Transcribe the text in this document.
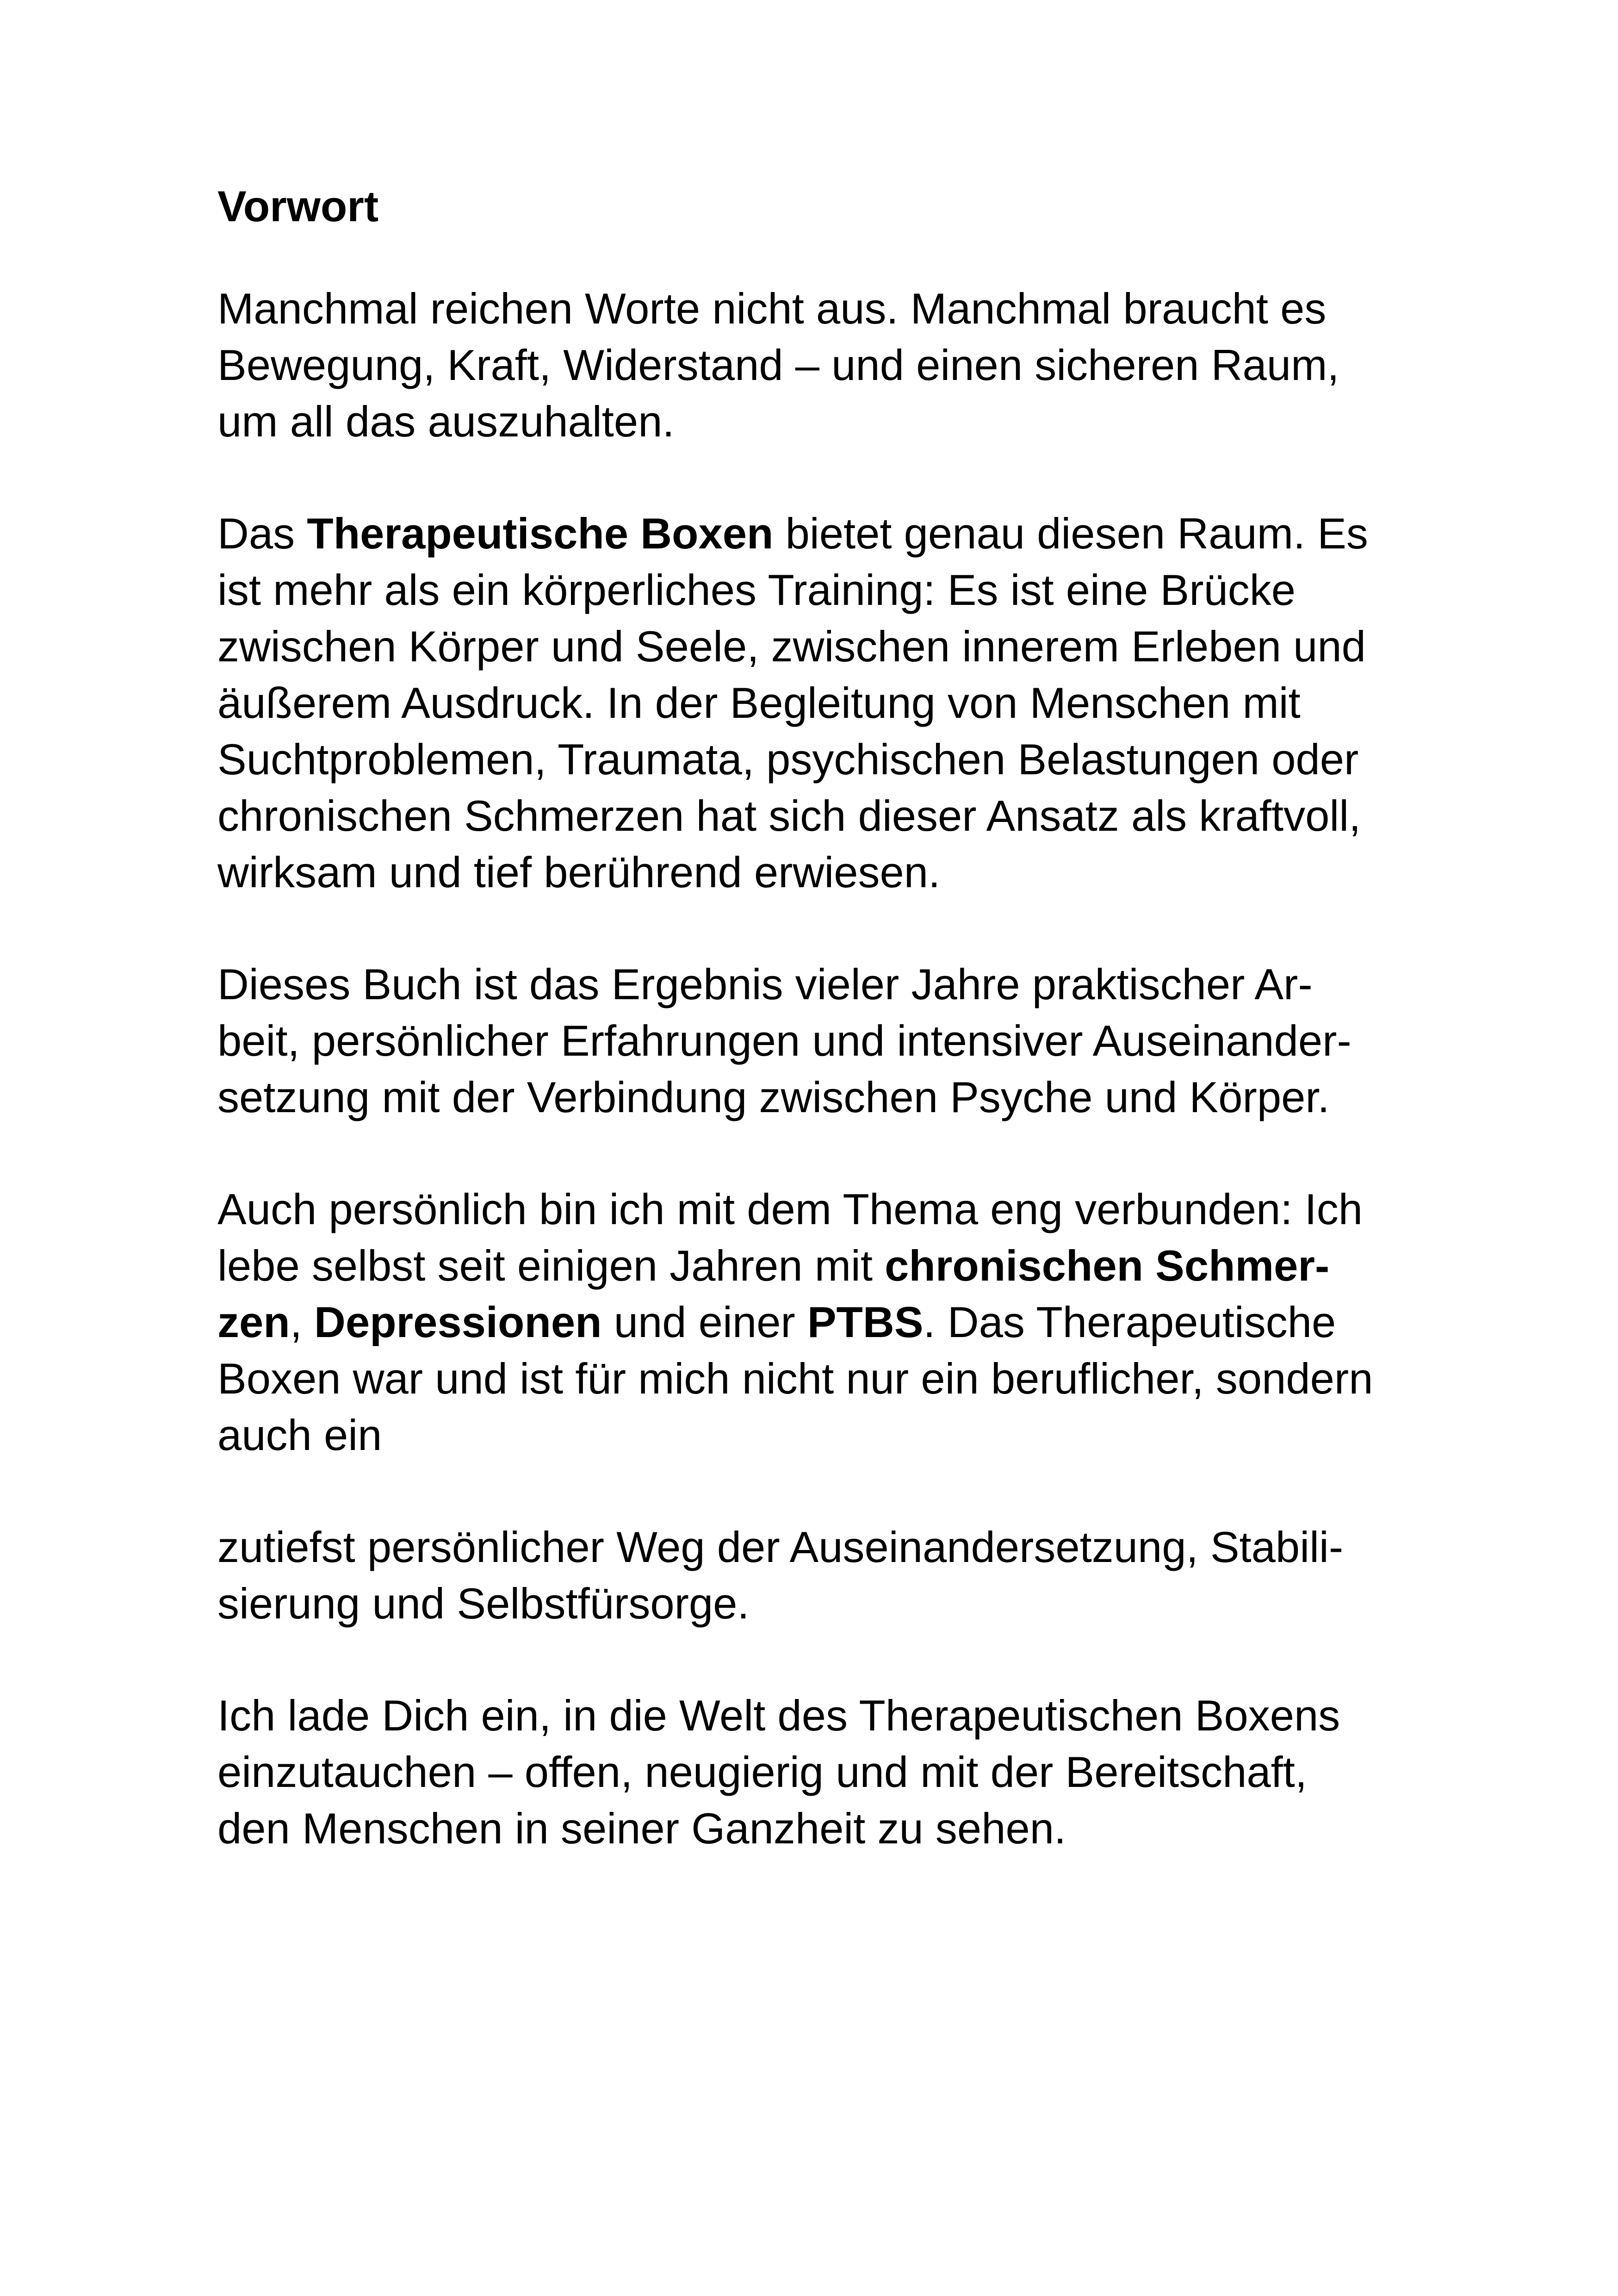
Vorwort
Manchmal reichen Worte nicht aus. Manchmal braucht es
Bewegung, Kraft, Widerstand – und einen sicheren Raum,
um all das auszuhalten.
Das Therapeutische Boxen bietet genau diesen Raum. Es
ist mehr als ein körperliches Training: Es ist eine Brücke
zwischen Körper und Seele, zwischen innerem Erleben und
äußerem Ausdruck. In der Begleitung von Menschen mit
Suchtproblemen, Traumata, psychischen Belastungen oder
chronischen Schmerzen hat sich dieser Ansatz als kraftvoll,
wirksam und tief berührend erwiesen.
Dieses Buch ist das Ergebnis vieler Jahre praktischer Ar-
beit, persönlicher Erfahrungen und intensiver Auseinander-
setzung mit der Verbindung zwischen Psyche und Körper.
Auch persönlich bin ich mit dem Thema eng verbunden: Ich
lebe selbst seit einigen Jahren mit chronischen Schmer-
zen, Depressionen und einer PTBS. Das Therapeutische
Boxen war und ist für mich nicht nur ein beruflicher, sondern
auch ein
zutiefst persönlicher Weg der Auseinandersetzung, Stabili-
sierung und Selbstfürsorge.
Ich lade Dich ein, in die Welt des Therapeutischen Boxens
einzutauchen – offen, neugierig und mit der Bereitschaft,
den Menschen in seiner Ganzheit zu sehen.
